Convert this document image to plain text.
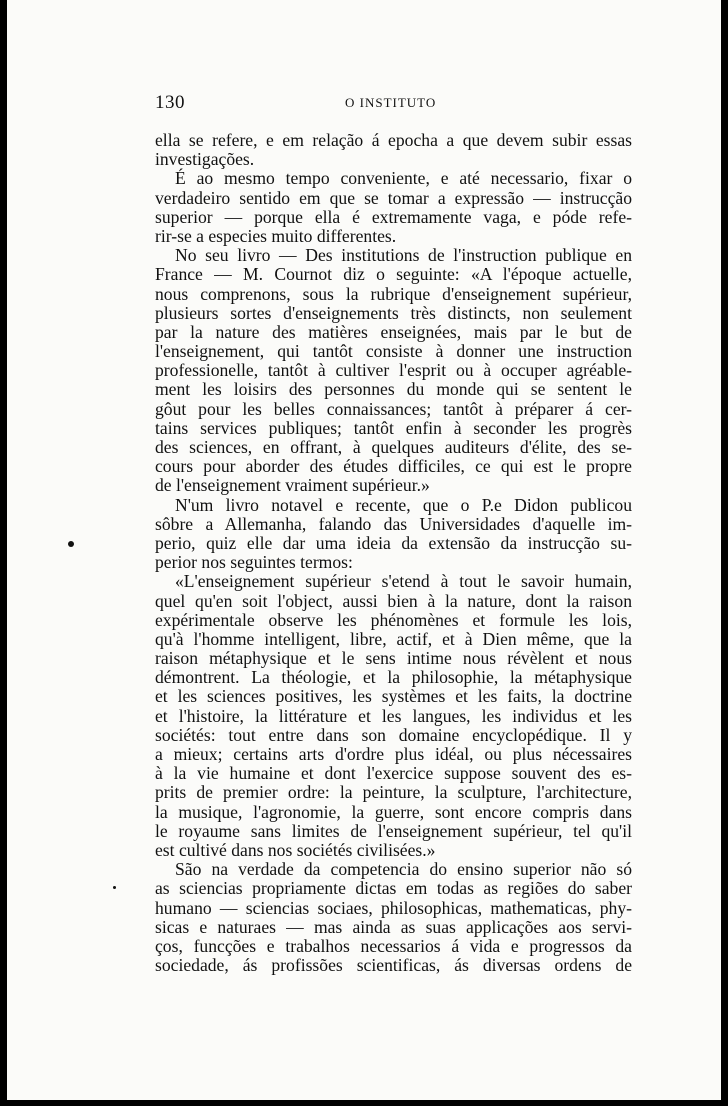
130	O INSTITUTO
ella se refere, e em relação á epocha a que devem subir essas
investigações.
É ao mesmo tempo conveniente, e até necessario, fixar o
verdadeiro sentido em que se tomar a expressão — instrucção
superior — porque ella é extremamente vaga, e póde refe-
rir-se a especies muito differentes.
No seu livro — Des institutions de l'instruction publique en
France — M. Cournot diz o seguinte: «A l'époque actuelle,
nous comprenons, sous la rubrique d'enseignement supérieur,
plusieurs sortes d'enseignements très distincts, non seulement
par la nature des matières enseignées, mais par le but de
l'enseignement, qui tantôt consiste à donner une instruction
professionelle, tantôt à cultiver l'esprit ou à occuper agréable-
ment les loisirs des personnes du monde qui se sentent le
gôut pour les belles connaissances; tantôt à préparer á cer-
tains services publiques; tantôt enfin à seconder les progrès
des sciences, en offrant, à quelques auditeurs d'élite, des se-
cours pour aborder des études difficiles, ce qui est le propre
de l'enseignement vraiment supérieur.»
N'um livro notavel e recente, que o P.e Didon publicou
sôbre a Allemanha, falando das Universidades d'aquelle im-
perio, quiz elle dar uma ideia da extensão da instrucção su-
perior nos seguintes termos:
«L'enseignement supérieur s'etend à tout le savoir humain,
quel qu'en soit l'object, aussi bien à la nature, dont la raison
expérimentale observe les phénomènes et formule les lois,
qu'à l'homme intelligent, libre, actif, et à Dien même, que la
raison métaphysique et le sens intime nous révèlent et nous
démontrent. La théologie, et la philosophie, la métaphysique
et les sciences positives, les systèmes et les faits, la doctrine
et l'histoire, la littérature et les langues, les individus et les
sociétés: tout entre dans son domaine encyclopédique. Il y
a mieux; certains arts d'ordre plus idéal, ou plus nécessaires
à la vie humaine et dont l'exercice suppose souvent des es-
prits de premier ordre: la peinture, la sculpture, l'architecture,
la musique, l'agronomie, la guerre, sont encore compris dans
le royaume sans limites de l'enseignement supérieur, tel qu'il
est cultivé dans nos sociétés civilisées.»
São na verdade da competencia do ensino superior não só
as sciencias propriamente dictas em todas as regiões do saber
humano — sciencias sociaes, philosophicas, mathematicas, phy-
sicas e naturaes — mas ainda as suas applicações aos servi-
ços, funcções e trabalhos necessarios á vida e progressos da
sociedade, ás profissões scientificas, ás diversas ordens de
